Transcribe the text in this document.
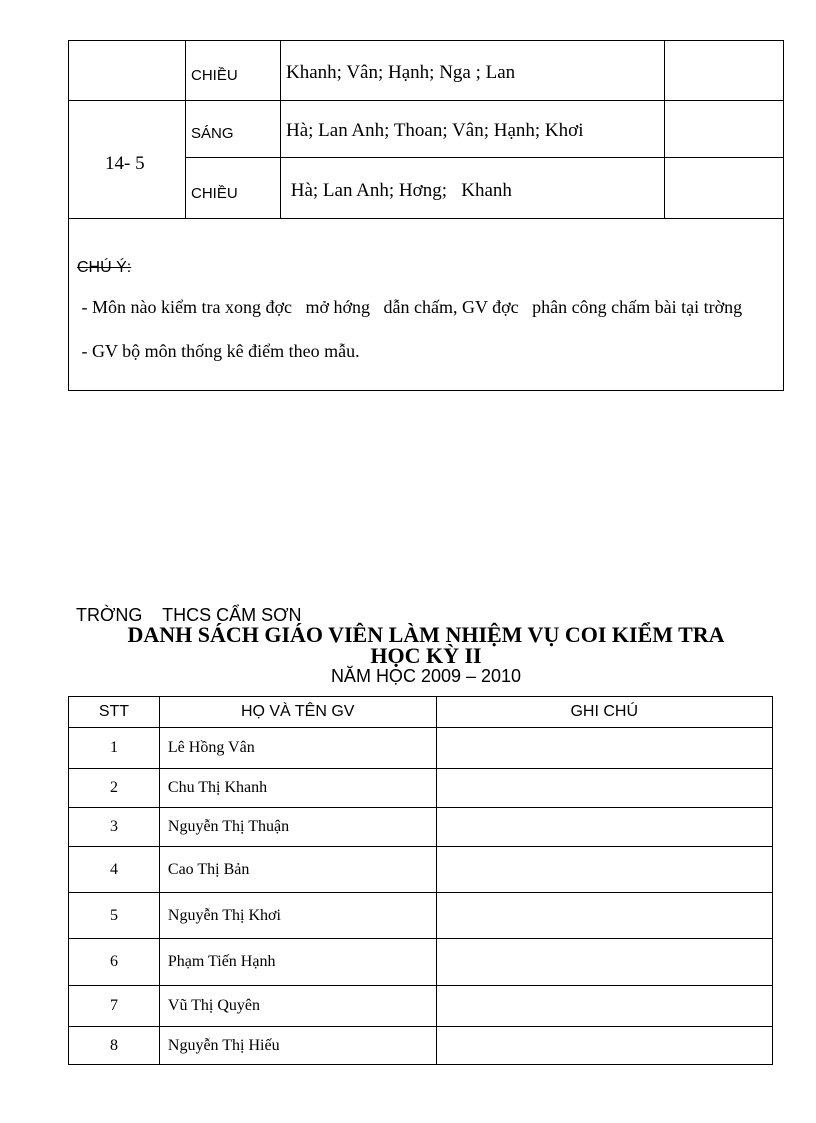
CHIỀU	Khanh; Vân; Hạnh; Nga ; Lan
14- 5
SÁNG	Hà; Lan Anh; Thoan; Vân; Hạnh; Khơi
CHIỀU	Hà; Lan Anh; Hơng;   Khanh
CHÚ Ý:
- Môn nào kiểm tra xong đợc   mở hớng   dẫn chấm, GV đợc   phân công chấm bài tại trờng
- GV bộ môn thống kê điểm theo mẫu.
TRỜNG    THCS CẨM SƠN
DANH SÁCH GIÁO VIÊN LÀM NHIỆM VỤ COI KIỂM TRA
HỌC KỲ II
NĂM HỌC 2009 – 2010
STT	HỌ VÀ TÊN GV	GHI CHÚ
1	Lê Hồng Vân	
2	Chu Thị Khanh	
3	Nguyễn Thị Thuận	
4	Cao Thị Bản	
5	Nguyễn Thị Khơi	
6	Phạm Tiến Hạnh	
7	Vũ Thị Quyên	
8	Nguyễn Thị Hiếu	
